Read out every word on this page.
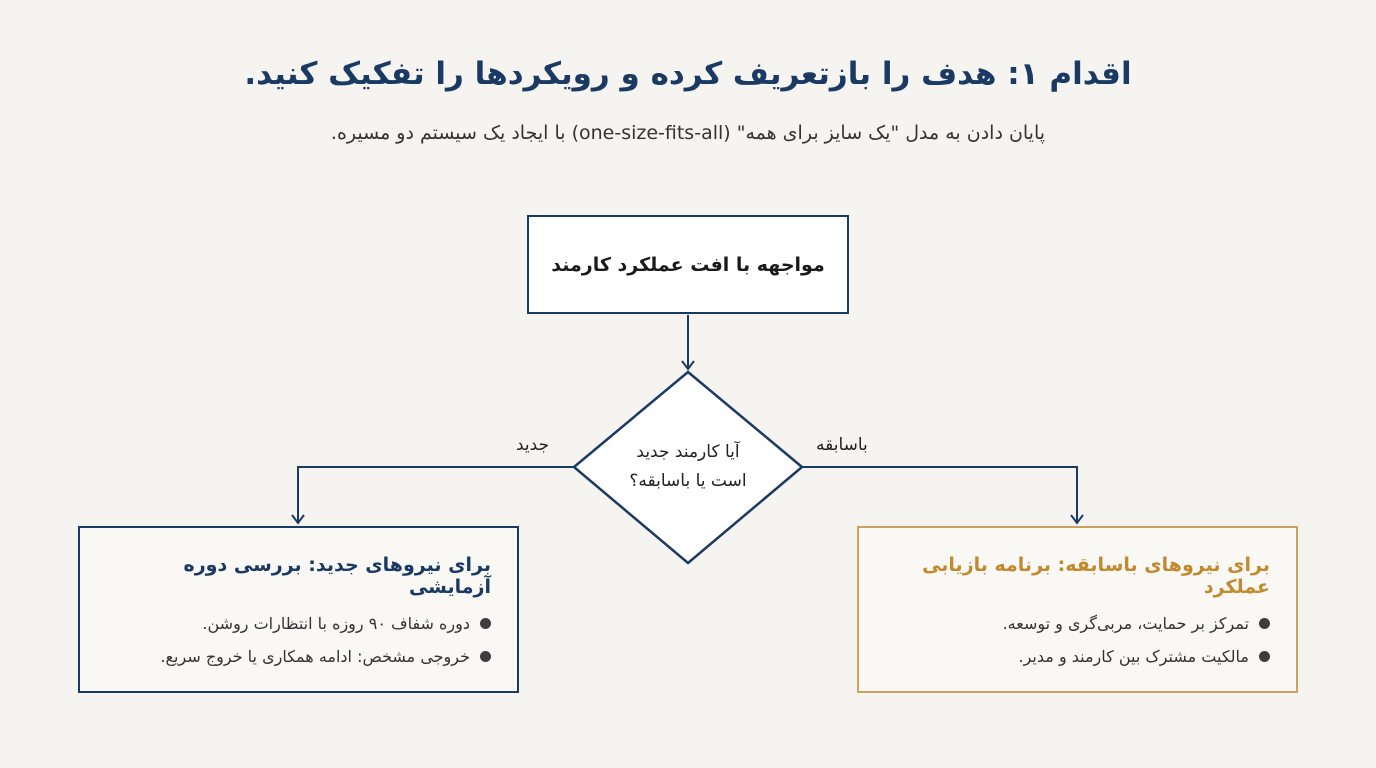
اقدام ۱: هدف را بازتعریف کرده و رویکردها را تفکیک کنید.

پایان دادن به مدل "یک سایز برای همه" (one-size-fits-all) با ایجاد یک سیستم دو مسیره.

مواجهه با افت عملکرد کارمند
آیا کارمند جدید
است یا باسابقه؟
جدید	باسابقه
برای نیروهای جدید: بررسی دوره آزمایشی
دوره شفاف ۹۰ روزه با انتظارات روشن.
خروجی مشخص: ادامه همکاری یا خروج سریع.
برای نیروهای باسابقه: برنامه بازیابی عملکرد
تمرکز بر حمایت، مربی‌گری و توسعه.
مالکیت مشترک بین کارمند و مدیر.
